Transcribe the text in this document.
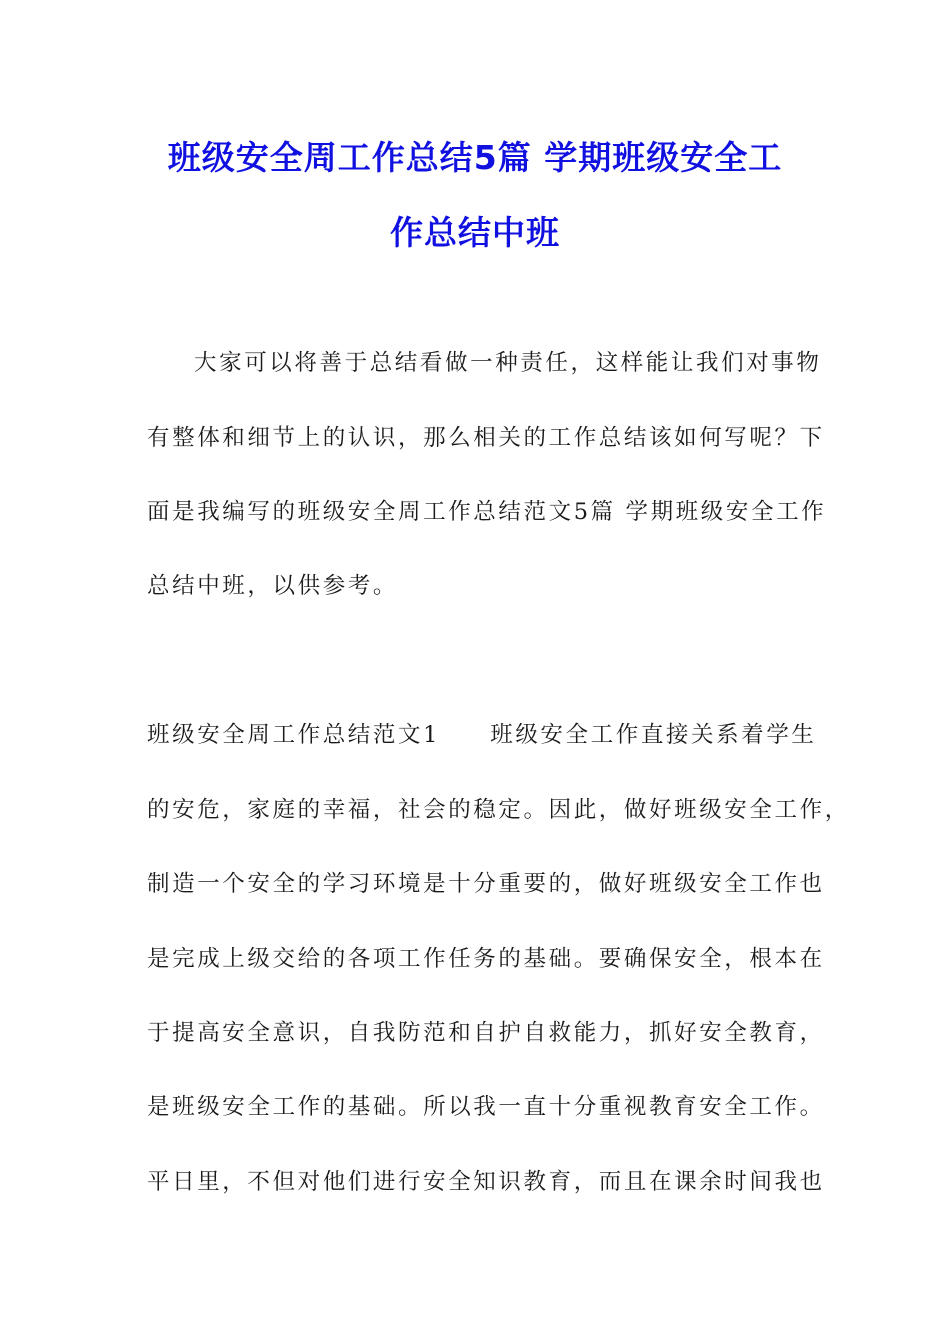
班级安全周工作总结5篇 学期班级安全工
作总结中班
大家可以将善于总结看做一种责任，这样能让我们对事物
有整体和细节上的认识，那么相关的工作总结该如何写呢？下
面是我编写的班级安全周工作总结范文5篇 学期班级安全工作
总结中班，以供参考。
班级安全周工作总结范文1　　班级安全工作直接关系着学生
的安危，家庭的幸福，社会的稳定。因此，做好班级安全工作，
制造一个安全的学习环境是十分重要的，做好班级安全工作也
是完成上级交给的各项工作任务的基础。要确保安全，根本在
于提高安全意识，自我防范和自护自救能力，抓好安全教育，
是班级安全工作的基础。所以我一直十分重视教育安全工作。
平日里，不但对他们进行安全知识教育，而且在课余时间我也
